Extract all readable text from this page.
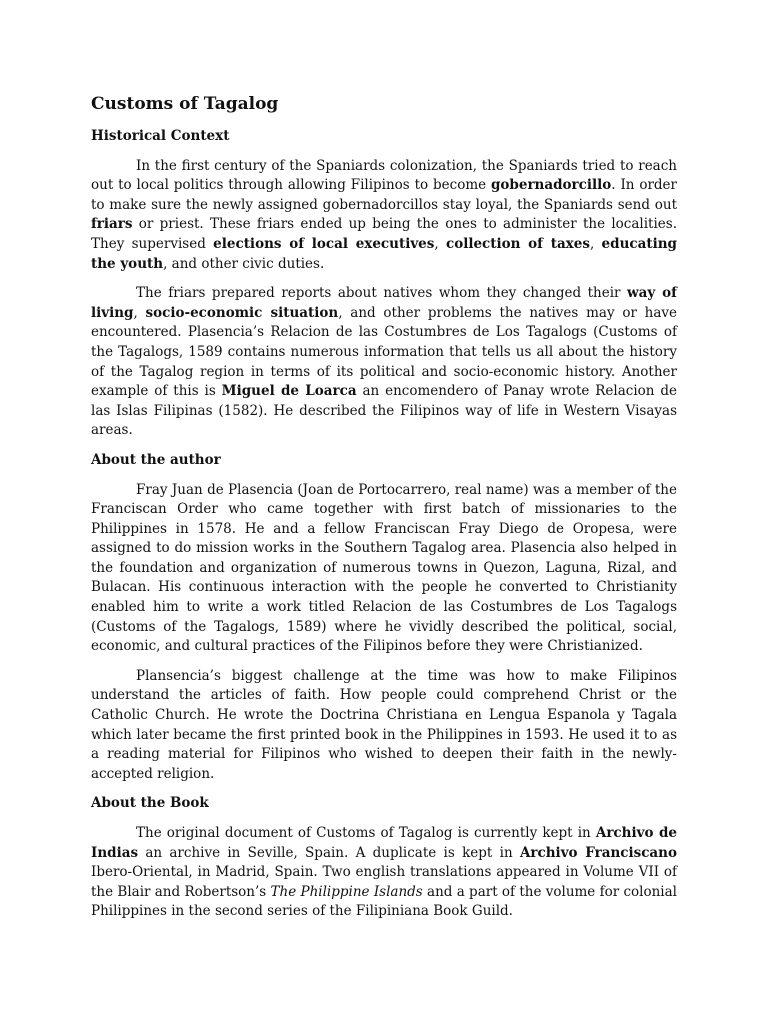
Customs of Tagalog
Historical Context

In the first century of the Spaniards colonization, the Spaniards tried to reach out to local politics through allowing Filipinos to become gobernadorcillo. In order to make sure the newly assigned gobernadorcillos stay loyal, the Spaniards send out friars or priest. These friars ended up being the ones to administer the localities. They supervised elections of local executives, collection of taxes, educating the youth, and other civic duties.

The friars prepared reports about natives whom they changed their way of living, socio-economic situation, and other problems the natives may or have encountered. Plasencia’s Relacion de las Costumbres de Los Tagalogs (Customs of the Tagalogs, 1589 contains numerous information that tells us all about the history of the Tagalog region in terms of its political and socio-economic history. Another example of this is Miguel de Loarca an encomendero of Panay wrote Relacion de las Islas Filipinas (1582). He described the Filipinos way of life in Western Visayas areas.

About the author

Fray Juan de Plasencia (Joan de Portocarrero, real name) was a member of the Franciscan Order who came together with first batch of missionaries to the Philippines in 1578. He and a fellow Franciscan Fray Diego de Oropesa, were assigned to do mission works in the Southern Tagalog area. Plasencia also helped in the foundation and organization of numerous towns in Quezon, Laguna, Rizal, and Bulacan. His continuous interaction with the people he converted to Christianity enabled him to write a work titled Relacion de las Costumbres de Los Tagalogs (Customs of the Tagalogs, 1589) where he vividly described the political, social, economic, and cultural practices of the Filipinos before they were Christianized.

Plansencia’s biggest challenge at the time was how to make Filipinos understand the articles of faith. How people could comprehend Christ or the Catholic Church. He wrote the Doctrina Christiana en Lengua Espanola y Tagala which later became the first printed book in the Philippines in 1593. He used it to as a reading material for Filipinos who wished to deepen their faith in the newly-accepted religion.

About the Book

The original document of Customs of Tagalog is currently kept in Archivo de Indias an archive in Seville, Spain. A duplicate is kept in Archivo Franciscano Ibero-Oriental, in Madrid, Spain. Two english translations appeared in Volume VII of the Blair and Robertson’s The Philippine Islands and a part of the volume for colonial Philippines in the second series of the Filipiniana Book Guild.
